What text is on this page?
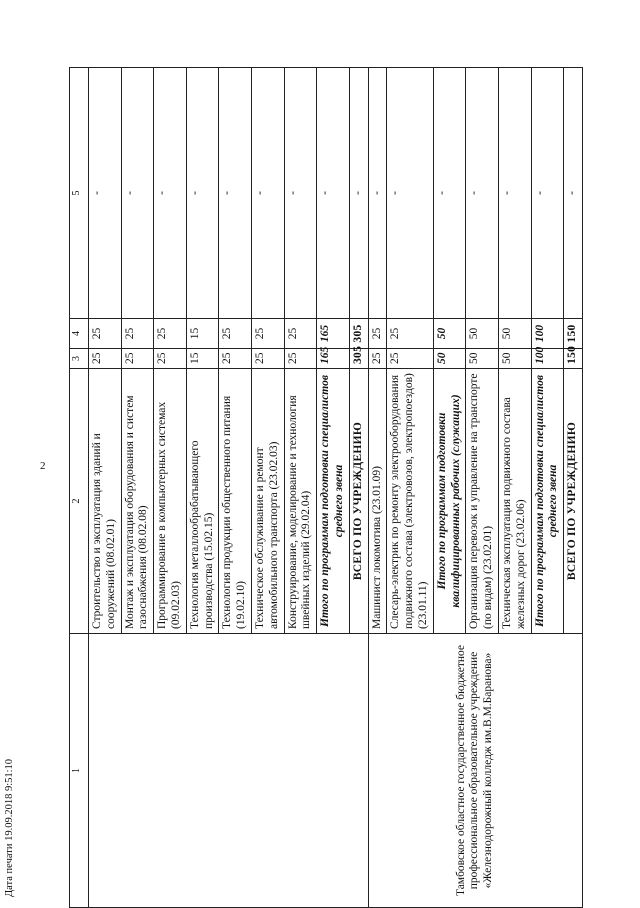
2
Дата печати 19.09.2018 9:51:10	1	2	3	4	5
	Строительство и эксплуатация зданий и сооружений (08.02.01)	25	25	-
	Монтаж и эксплуатация оборудования и систем газоснабжения (08.02.08)	25	25	-
	Программирование в компьютерных системах (09.02.03)	25	25	-
	Технология металлообрабатывающего производства (15.02.15)	15	15	-
	Технология продукции общественного питания (19.02.10)	25	25	-
	Техническое обслуживание и ремонт автомобильного транспорта (23.02.03)	25	25	-
	Конструирование, моделирование и технология швейных изделий (29.02.04)	25	25	-
	Итого по программам подготовки специалистов среднего звена	165	165	-
	ВСЕГО ПО УЧРЕЖДЕНИЮ	305	305	-
Тамбовское областное государственное бюджетное профессиональное образовательное учреждение «Железнодорожный колледж им.В.М.Баранова»	Машинист локомотива (23.01.09)	25	25	-
	Слесарь-электрик по ремонту электрооборудования подвижного состава (электровозов, электропоездов) (23.01.11)	25	25	-
	Итого по программам подготовки квалифицированных рабочих (служащих)	50	50	-
	Организация перевозок и управление на транспорте (по видам) (23.02.01)	50	50	-
	Техническая эксплуатация подвижного состава железных дорог (23.02.06)	50	50	-
	Итого по программам подготовки специалистов среднего звена	100	100	-
	ВСЕГО ПО УЧРЕЖДЕНИЮ	150	150	-
